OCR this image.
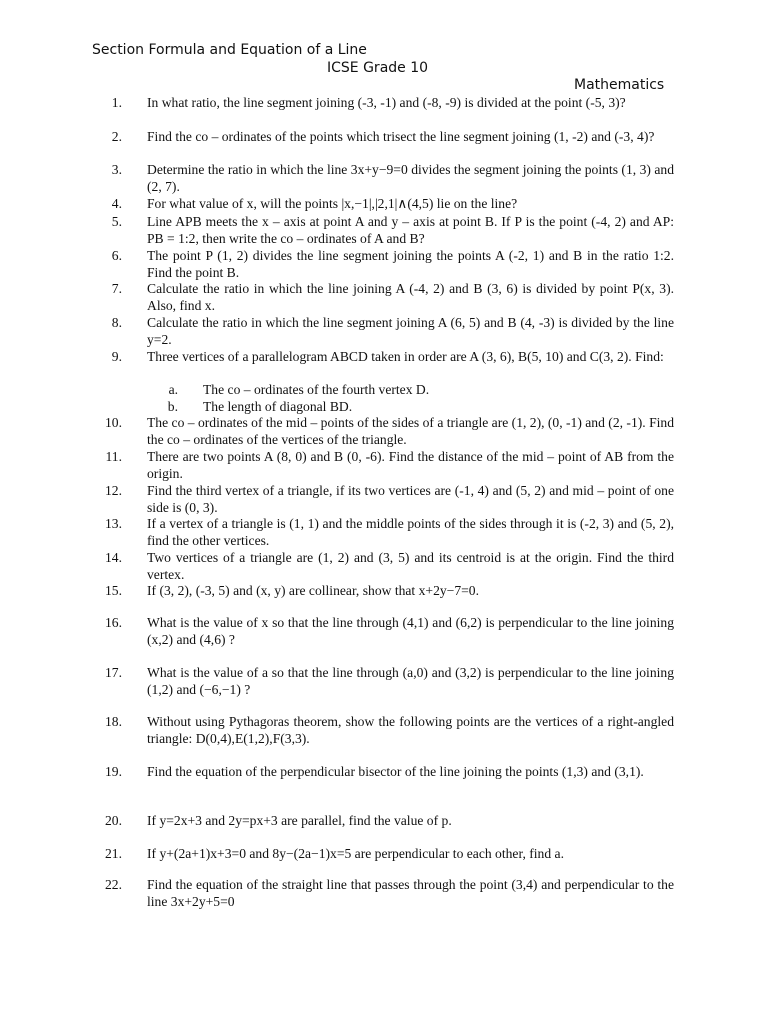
Section Formula and Equation of a Line
ICSE Grade 10
Mathematics
1. In what ratio, the line segment joining (-3, -1) and (-8, -9) is divided at the point (-5, 3)?
2. Find the co – ordinates of the points which trisect the line segment joining (1, -2) and (-3, 4)?
3. Determine the ratio in which the line 3x+y−9=0 divides the segment joining the points (1, 3) and (2, 7).
4. For what value of x, will the points |x,−1|,|2,1|∧(4,5) lie on the line?
5. Line APB meets the x – axis at point A and y – axis at point B. If P is the point (-4, 2) and AP: PB = 1:2, then write the co – ordinates of A and B?
6. The point P (1, 2) divides the line segment joining the points A (-2, 1) and B in the ratio 1:2. Find the point B.
7. Calculate the ratio in which the line joining A (-4, 2) and B (3, 6) is divided by point P(x, 3). Also, find x.
8. Calculate the ratio in which the line segment joining A (6, 5) and B (4, -3) is divided by the line y=2.
9. Three vertices of a parallelogram ABCD taken in order are A (3, 6), B(5, 10) and C(3, 2). Find:
a. The co – ordinates of the fourth vertex D.
b. The length of diagonal BD.
10. The co – ordinates of the mid – points of the sides of a triangle are (1, 2), (0, -1) and (2, -1). Find the co – ordinates of the vertices of the triangle.
11. There are two points A (8, 0) and B (0, -6). Find the distance of the mid – point of AB from the origin.
12. Find the third vertex of a triangle, if its two vertices are (-1, 4) and (5, 2) and mid – point of one side is (0, 3).
13. If a vertex of a triangle is (1, 1) and the middle points of the sides through it is (-2, 3) and (5, 2), find the other vertices.
14. Two vertices of a triangle are (1, 2) and (3, 5) and its centroid is at the origin. Find the third vertex.
15. If (3, 2), (-3, 5) and (x, y) are collinear, show that x+2y−7=0.
16. What is the value of x so that the line through (4,1) and (6,2) is perpendicular to the line joining (x,2) and (4,6) ?
17. What is the value of a so that the line through (a,0) and (3,2) is perpendicular to the line joining (1,2) and (−6,−1) ?
18. Without using Pythagoras theorem, show the following points are the vertices of a right-angled triangle: D(0,4),E(1,2),F(3,3).
19. Find the equation of the perpendicular bisector of the line joining the points (1,3) and (3,1).
20. If y=2x+3 and 2y=px+3 are parallel, find the value of p.
21. If y+(2a+1)x+3=0 and 8y−(2a−1)x=5 are perpendicular to each other, find a.
22. Find the equation of the straight line that passes through the point (3,4) and perpendicular to the line 3x+2y+5=0
